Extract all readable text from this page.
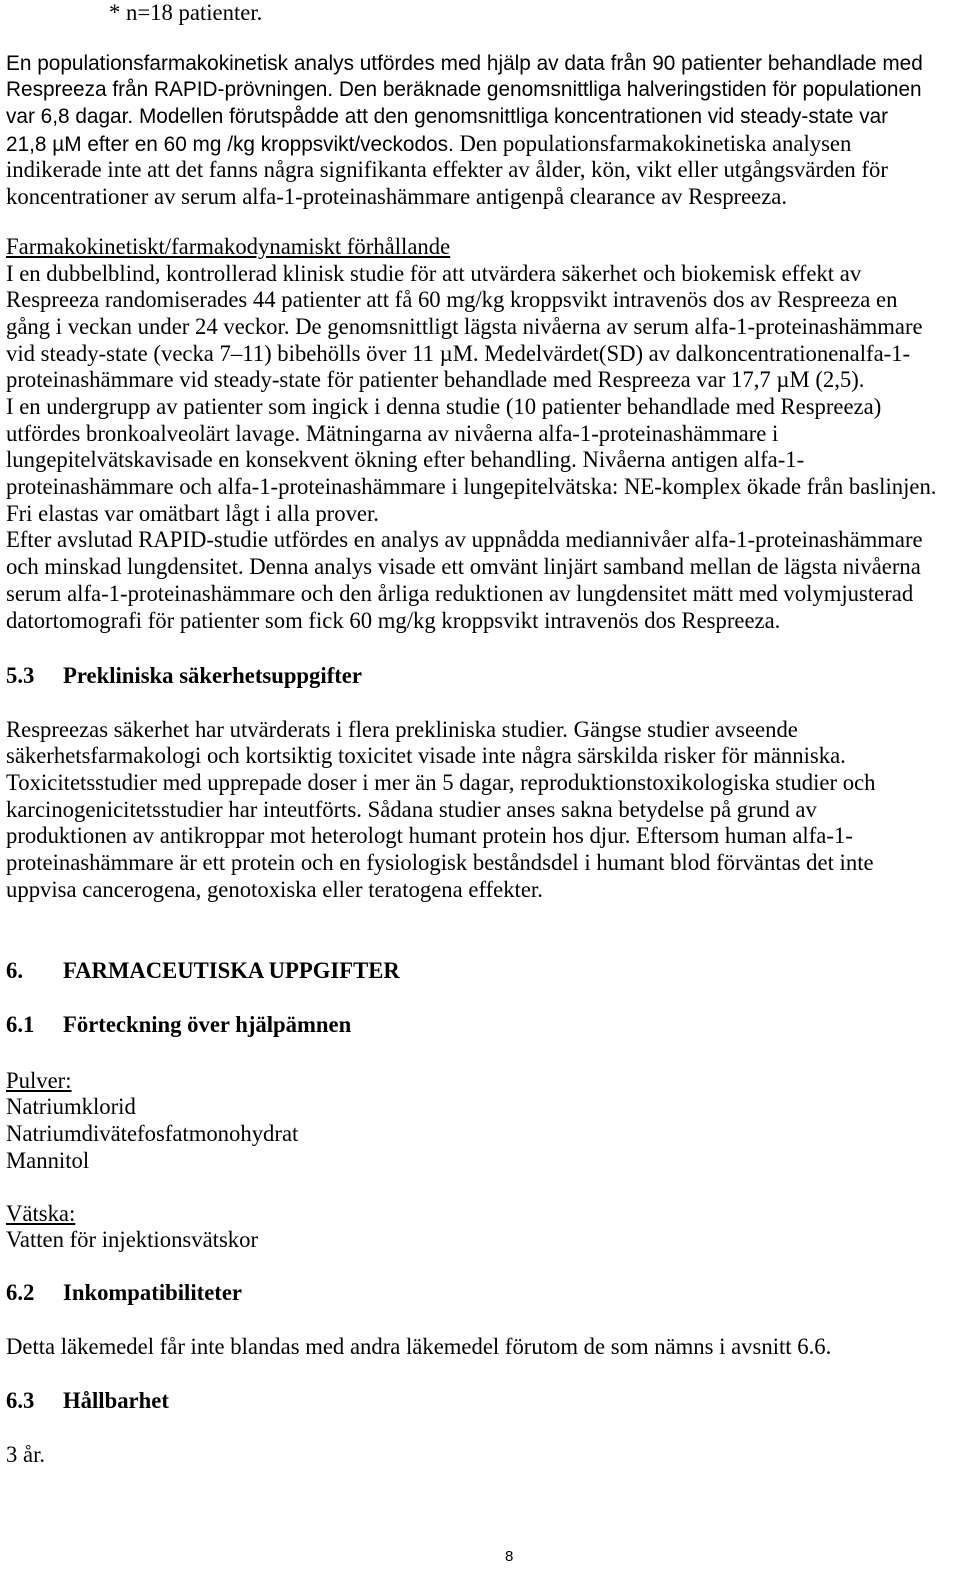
* n=18 patienter.
En populationsfarmakokinetisk analys utfördes med hjälp av data från 90 patienter behandlade med
Respreeza från RAPID-prövningen. Den beräknade genomsnittliga halveringstiden för populationen
var 6,8 dagar. Modellen förutspådde att den genomsnittliga koncentrationen vid steady-state var
21,8 µM efter en 60 mg /kg kroppsvikt/veckodos. Den populationsfarmakokinetiska analysen
indikerade inte att det fanns några signifikanta effekter av ålder, kön, vikt eller utgångsvärden för
koncentrationer av serum alfa-1-proteinashämmare antigenpå clearance av Respreeza.
Farmakokinetiskt/farmakodynamiskt förhållande
I en dubbelblind, kontrollerad klinisk studie för att utvärdera säkerhet och biokemisk effekt av
Respreeza randomiserades 44 patienter att få 60 mg/kg kroppsvikt intravenös dos av Respreeza en
gång i veckan under 24 veckor. De genomsnittligt lägsta nivåerna av serum alfa-1-proteinashämmare
vid steady-state (vecka 7–11) bibehölls över 11 µM. Medelvärdet(SD) av dalkoncentrationenalfa-1-
proteinashämmare vid steady-state för patienter behandlade med Respreeza var 17,7 µM (2,5).
I en undergrupp av patienter som ingick i denna studie (10 patienter behandlade med Respreeza)
utfördes bronkoalveolärt lavage. Mätningarna av nivåerna alfa-1-proteinashämmare i
lungepitelvätskavisade en konsekvent ökning efter behandling. Nivåerna antigen alfa-1-
proteinashämmare och alfa-1-proteinashämmare i lungepitelvätska: NE-komplex ökade från baslinjen.
Fri elastas var omätbart lågt i alla prover.
Efter avslutad RAPID-studie utfördes en analys av uppnådda mediannivåer alfa-1-proteinashämmare
och minskad lungdensitet. Denna analys visade ett omvänt linjärt samband mellan de lägsta nivåerna
serum alfa-1-proteinashämmare och den årliga reduktionen av lungdensitet mätt med volymjusterad
datortomografi för patienter som fick 60 mg/kg kroppsvikt intravenös dos Respreeza.
5.3 Prekliniska säkerhetsuppgifter
Respreezas säkerhet har utvärderats i flera prekliniska studier. Gängse studier avseende
säkerhetsfarmakologi och kortsiktig toxicitet visade inte några särskilda risker för människa.
Toxicitetsstudier med upprepade doser i mer än 5 dagar, reproduktionstoxikologiska studier och
karcinogenicitetsstudier har inteutförts. Sådana studier anses sakna betydelse på grund av
produktionen av antikroppar mot heterologt humant protein hos djur. Eftersom human alfa-1-
proteinashämmare är ett protein och en fysiologisk beståndsdel i humant blod förväntas det inte
uppvisa cancerogena, genotoxiska eller teratogena effekter.
6. FARMACEUTISKA UPPGIFTER
6.1 Förteckning över hjälpämnen
Pulver:
Natriumklorid
Natriumdivätefosfatmonohydrat
Mannitol
Vätska:
Vatten för injektionsvätskor
6.2 Inkompatibiliteter
Detta läkemedel får inte blandas med andra läkemedel förutom de som nämns i avsnitt 6.6.
6.3 Hållbarhet
3 år.
8
